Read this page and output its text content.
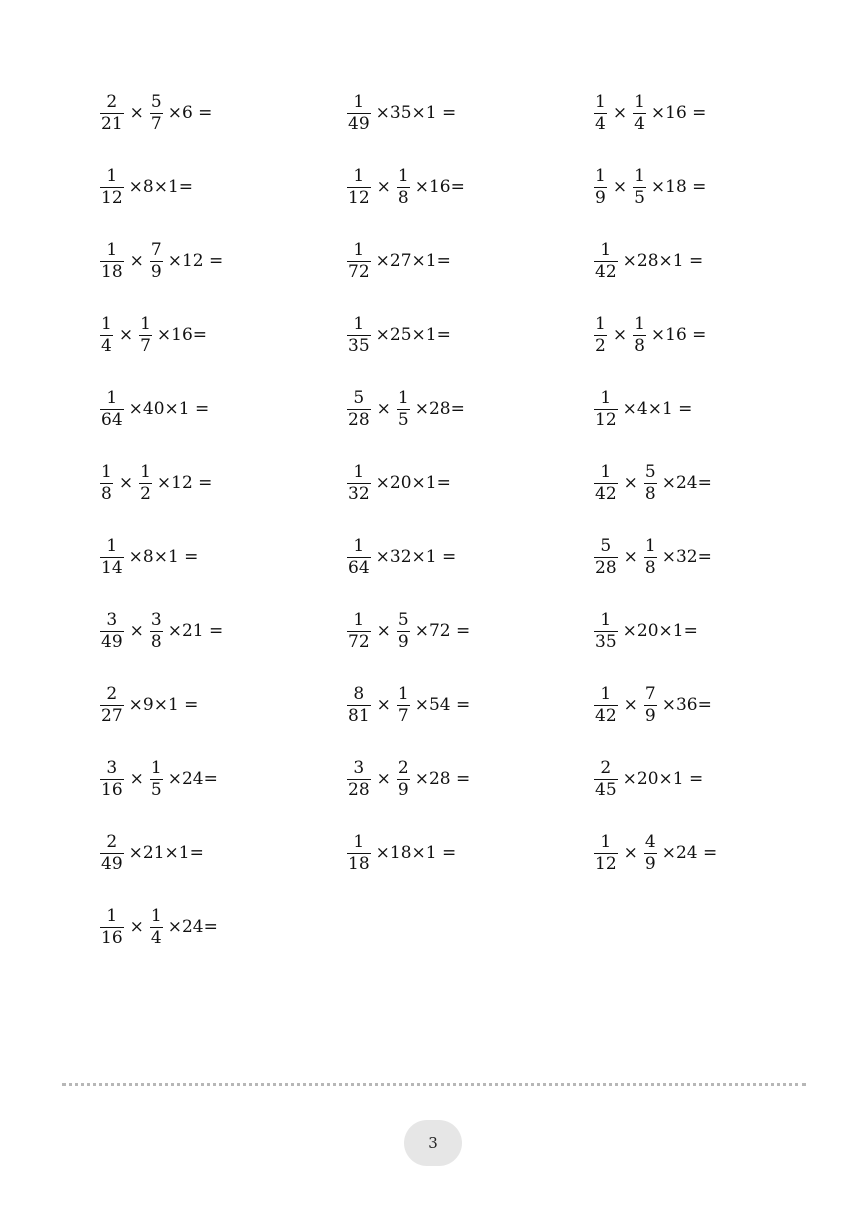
$\frac{2}{21} \times \frac{5}{7} \times 6$ =
$\frac{1}{12} \times 8\times 1=$
$\frac{1}{18} \times \frac{7}{9} \times 12$ =
$\frac{1}{4} \times \frac{1}{7} \times 16=$
$\frac{1}{64} \times 40\times 1$ =
$\frac{1}{8} \times \frac{1}{2} \times 12$ =
$\frac{1}{14} \times 8\times 1$ =
$\frac{3}{49} \times \frac{3}{8} \times 21$ =
$\frac{2}{27} \times 9\times 1$ =
$\frac{3}{16} \times \frac{1}{5} \times 24=$
$\frac{2}{49} \times 21\times 1=$
$\frac{1}{16} \times \frac{1}{4} \times 24=$
$\frac{1}{49} \times 35\times 1$ =
$\frac{1}{12} \times \frac{1}{8} \times 16=$
$\frac{1}{72} \times 27\times 1=$
$\frac{1}{35} \times 25\times 1=$
$\frac{5}{28} \times \frac{1}{5} \times 28=$
$\frac{1}{32} \times 20\times 1=$
$\frac{1}{64} \times 32\times 1$ =
$\frac{1}{72} \times \frac{5}{9} \times 72$ =
$\frac{8}{81} \times \frac{1}{7} \times 54$ =
$\frac{3}{28} \times \frac{2}{9} \times 28$ =
$\frac{1}{18} \times 18\times 1$ =
$\frac{1}{4} \times \frac{1}{4} \times 16$ =
$\frac{1}{9} \times \frac{1}{5} \times 18$ =
$\frac{1}{42} \times 28\times 1$ =
$\frac{1}{2} \times \frac{1}{8} \times 16$ =
$\frac{1}{12} \times 4\times 1$ =
$\frac{1}{42} \times \frac{5}{8} \times 24=$
$\frac{5}{28} \times \frac{1}{8} \times 32=$
$\frac{1}{35} \times 20\times 1=$
$\frac{1}{42} \times \frac{7}{9} \times 36=$
$\frac{2}{45} \times 20\times 1$ =
$\frac{1}{12} \times \frac{4}{9} \times 24$ =
3
